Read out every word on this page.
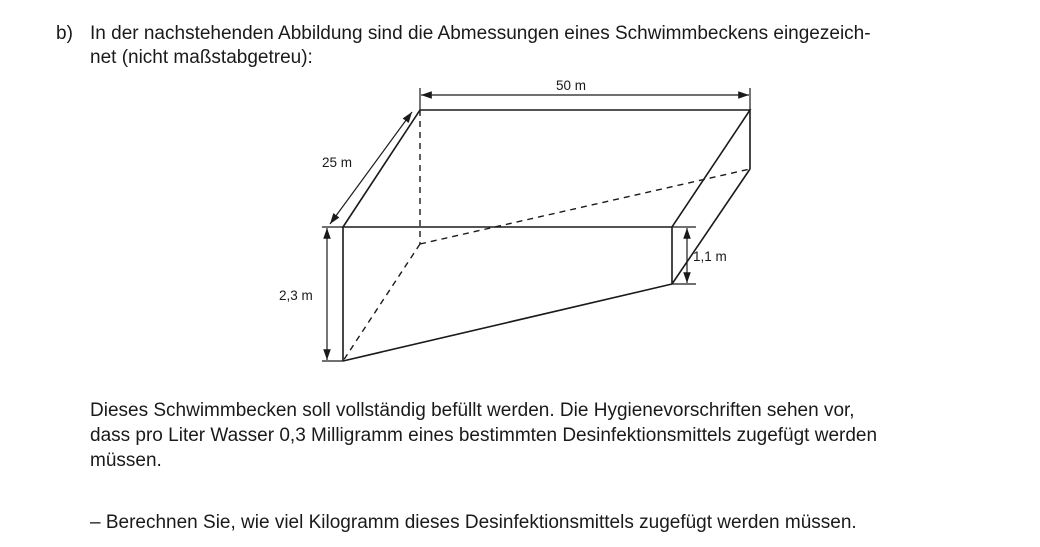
b) In der nachstehenden Abbildung sind die Abmessungen eines Schwimmbeckens eingezeich-
net (nicht maßstabgetreu):
50 m
25 m
2,3 m
1,1 m
Dieses Schwimmbecken soll vollständig befüllt werden. Die Hygienevorschriften sehen vor,
dass pro Liter Wasser 0,3 Milligramm eines bestimmten Desinfektionsmittels zugefügt werden
müssen.
– Berechnen Sie, wie viel Kilogramm dieses Desinfektionsmittels zugefügt werden müssen.
